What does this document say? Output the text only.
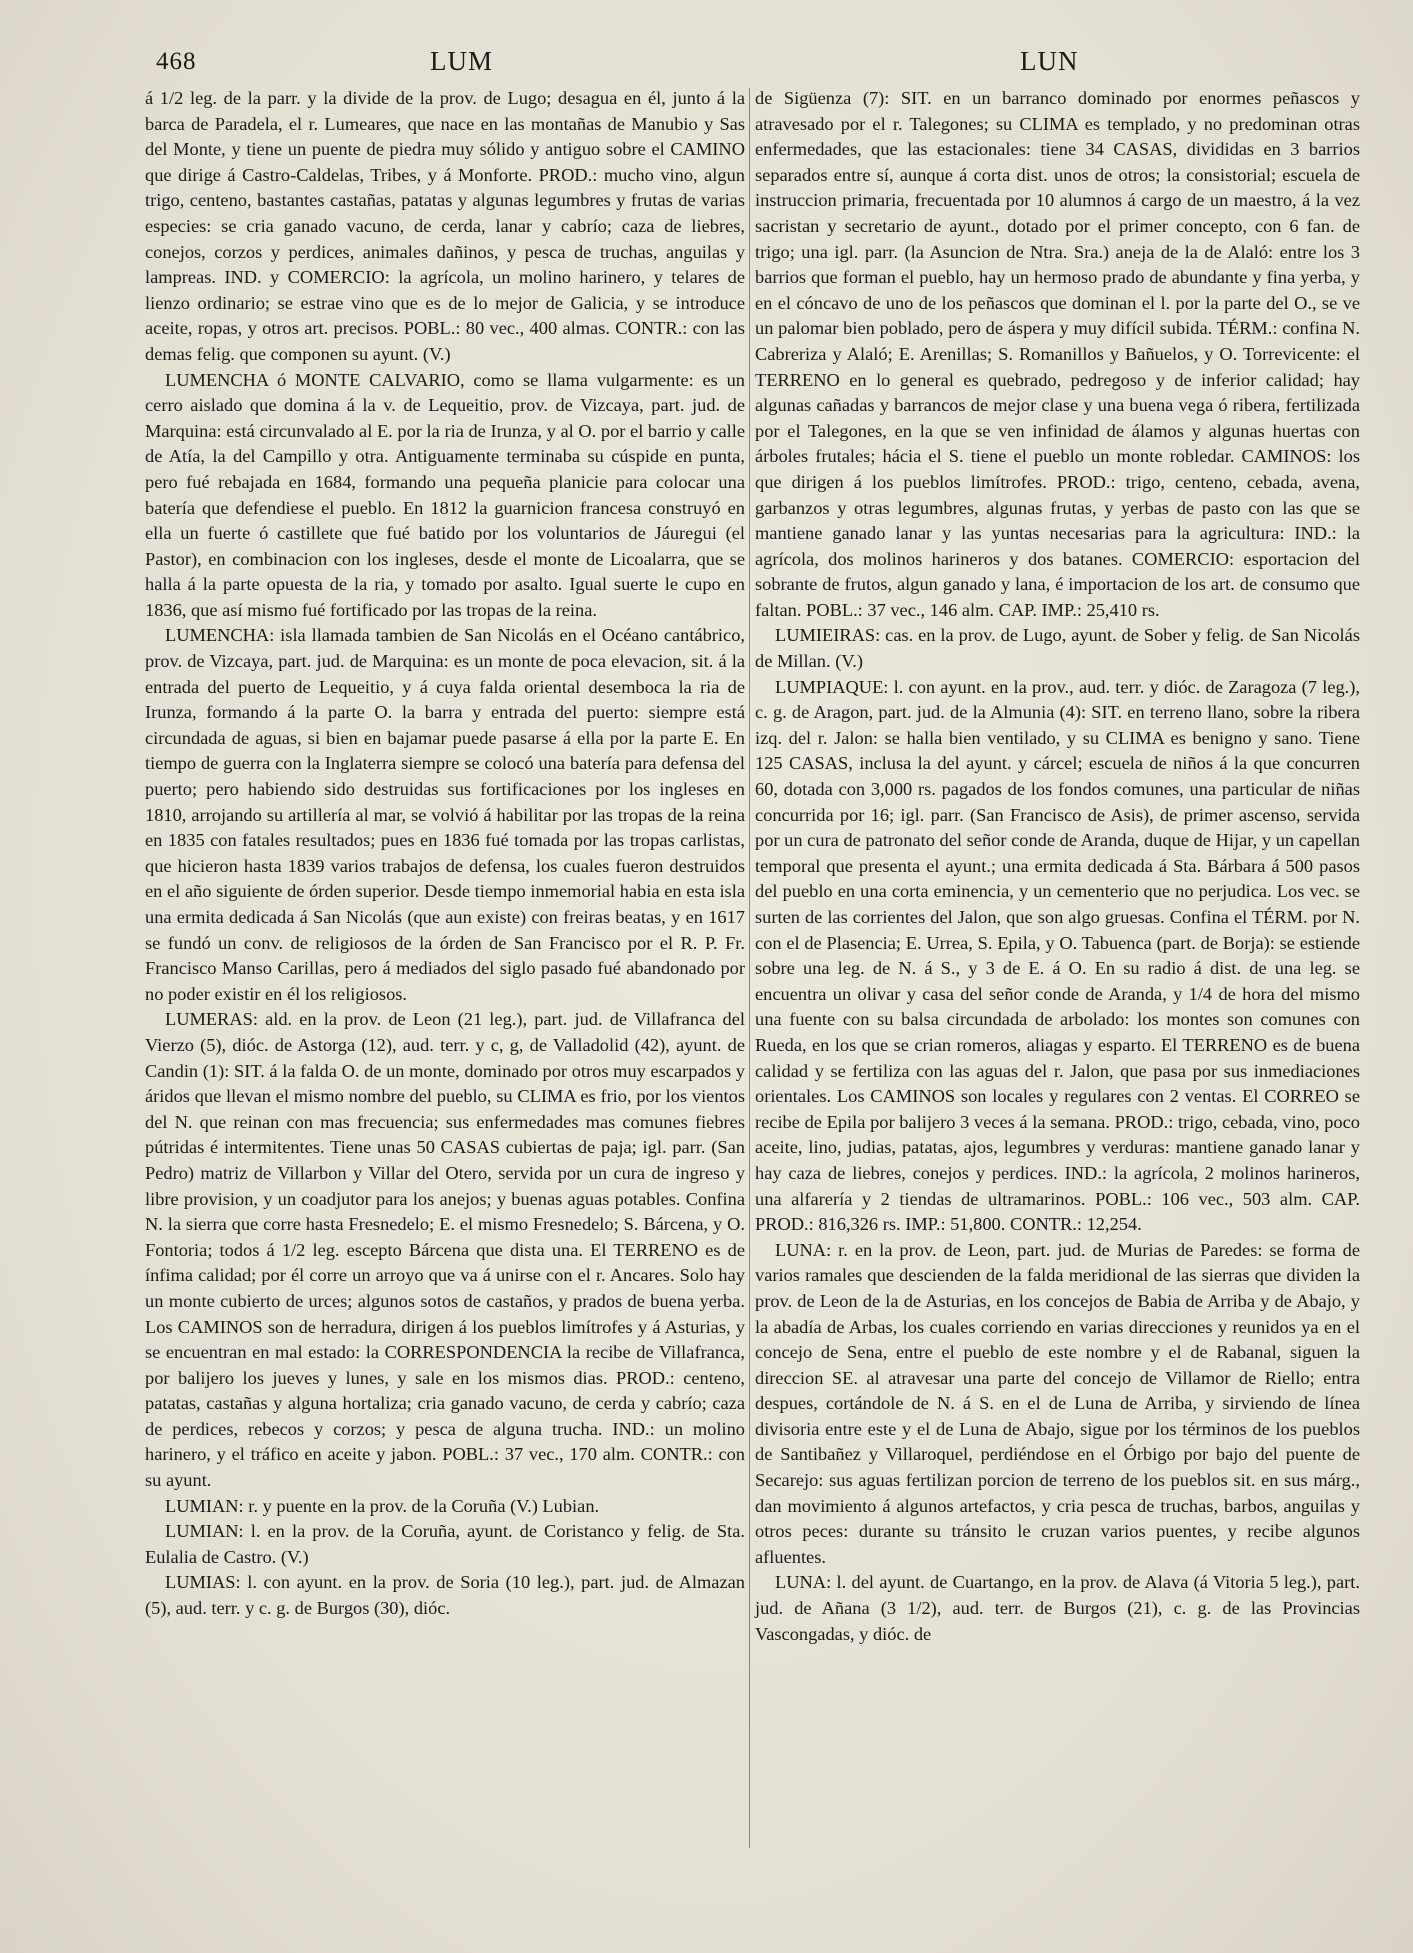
468	LUM	LUN

á 1/2 leg. de la parr. y la divide de la prov. de Lugo; desagua en él, junto á la barca de Paradela, el r. Lumeares, que nace en las montañas de Manubio y Sas del Monte, y tiene un puente de piedra muy sólido y antiguo sobre el CAMINO que dirige á Castro-Caldelas, Tribes, y á Monforte. PROD.: mucho vino, algun trigo, centeno, bastantes castañas, patatas y algunas legumbres y frutas de varias especies: se cria ganado vacuno, de cerda, lanar y cabrío; caza de liebres, conejos, corzos y perdices, animales dañinos, y pesca de truchas, anguilas y lampreas. IND. y COMERCIO: la agrícola, un molino harinero, y telares de lienzo ordinario; se estrae vino que es de lo mejor de Galicia, y se introduce aceite, ropas, y otros art. precisos. POBL.: 80 vec., 400 almas. CONTR.: con las demas felig. que componen su ayunt. (V.)

LUMENCHA ó MONTE CALVARIO, como se llama vulgarmente: es un cerro aislado que domina á la v. de Lequeitio, prov. de Vizcaya, part. jud. de Marquina: está circunvalado al E. por la ria de Irunza, y al O. por el barrio y calle de Atía, la del Campillo y otra. Antiguamente terminaba su cúspide en punta, pero fué rebajada en 1684, formando una pequeña planicie para colocar una batería que defendiese el pueblo. En 1812 la guarnicion francesa construyó en ella un fuerte ó castillete que fué batido por los voluntarios de Jáuregui (el Pastor), en combinacion con los ingleses, desde el monte de Licoalarra, que se halla á la parte opuesta de la ria, y tomado por asalto. Igual suerte le cupo en 1836, que así mismo fué fortificado por las tropas de la reina.

LUMENCHA: isla llamada tambien de San Nicolás en el Océano cantábrico, prov. de Vizcaya, part. jud. de Marquina: es un monte de poca elevacion, sit. á la entrada del puerto de Lequeitio, y á cuya falda oriental desemboca la ria de Irunza, formando á la parte O. la barra y entrada del puerto: siempre está circundada de aguas, si bien en bajamar puede pasarse á ella por la parte E. En tiempo de guerra con la Inglaterra siempre se colocó una batería para defensa del puerto; pero habiendo sido destruidas sus fortificaciones por los ingleses en 1810, arrojando su artillería al mar, se volvió á habilitar por las tropas de la reina en 1835 con fatales resultados; pues en 1836 fué tomada por las tropas carlistas, que hicieron hasta 1839 varios trabajos de defensa, los cuales fueron destruidos en el año siguiente de órden superior. Desde tiempo inmemorial habia en esta isla una ermita dedicada á San Nicolás (que aun existe) con freiras beatas, y en 1617 se fundó un conv. de religiosos de la órden de San Francisco por el R. P. Fr. Francisco Manso Carillas, pero á mediados del siglo pasado fué abandonado por no poder existir en él los religiosos.

LUMERAS: ald. en la prov. de Leon (21 leg.), part. jud. de Villafranca del Vierzo (5), dióc. de Astorga (12), aud. terr. y c, g, de Valladolid (42), ayunt. de Candin (1): SIT. á la falda O. de un monte, dominado por otros muy escarpados y áridos que llevan el mismo nombre del pueblo, su CLIMA es frio, por los vientos del N. que reinan con mas frecuencia; sus enfermedades mas comunes fiebres pútridas é intermitentes. Tiene unas 50 CASAS cubiertas de paja; igl. parr. (San Pedro) matriz de Villarbon y Villar del Otero, servida por un cura de ingreso y libre provision, y un coadjutor para los anejos; y buenas aguas potables. Confina N. la sierra que corre hasta Fresnedelo; E. el mismo Fresnedelo; S. Bárcena, y O. Fontoria; todos á 1/2 leg. escepto Bárcena que dista una. El TERRENO es de ínfima calidad; por él corre un arroyo que va á unirse con el r. Ancares. Solo hay un monte cubierto de urces; algunos sotos de castaños, y prados de buena yerba. Los CAMINOS son de herradura, dirigen á los pueblos limítrofes y á Asturias, y se encuentran en mal estado: la CORRESPONDENCIA la recibe de Villafranca, por balijero los jueves y lunes, y sale en los mismos dias. PROD.: centeno, patatas, castañas y alguna hortaliza; cria ganado vacuno, de cerda y cabrío; caza de perdices, rebecos y corzos; y pesca de alguna trucha. IND.: un molino harinero, y el tráfico en aceite y jabon. POBL.: 37 vec., 170 alm. CONTR.: con su ayunt.

LUMIAN: r. y puente en la prov. de la Coruña (V.) Lubian.

LUMIAN: l. en la prov. de la Coruña, ayunt. de Coristanco y felig. de Sta. Eulalia de Castro. (V.)

LUMIAS: l. con ayunt. en la prov. de Soria (10 leg.), part. jud. de Almazan (5), aud. terr. y c. g. de Burgos (30), dióc.

de Sigüenza (7): SIT. en un barranco dominado por enormes peñascos y atravesado por el r. Talegones; su CLIMA es templado, y no predominan otras enfermedades, que las estacionales: tiene 34 CASAS, divididas en 3 barrios separados entre sí, aunque á corta dist. unos de otros; la consistorial; escuela de instruccion primaria, frecuentada por 10 alumnos á cargo de un maestro, á la vez sacristan y secretario de ayunt., dotado por el primer concepto, con 6 fan. de trigo; una igl. parr. (la Asuncion de Ntra. Sra.) aneja de la de Alaló: entre los 3 barrios que forman el pueblo, hay un hermoso prado de abundante y fina yerba, y en el cóncavo de uno de los peñascos que dominan el l. por la parte del O., se ve un palomar bien poblado, pero de áspera y muy difícil subida. TÉRM.: confina N. Cabreriza y Alaló; E. Arenillas; S. Romanillos y Bañuelos, y O. Torrevicente: el TERRENO en lo general es quebrado, pedregoso y de inferior calidad; hay algunas cañadas y barrancos de mejor clase y una buena vega ó ribera, fertilizada por el Talegones, en la que se ven infinidad de álamos y algunas huertas con árboles frutales; hácia el S. tiene el pueblo un monte robledar. CAMINOS: los que dirigen á los pueblos limítrofes. PROD.: trigo, centeno, cebada, avena, garbanzos y otras legumbres, algunas frutas, y yerbas de pasto con las que se mantiene ganado lanar y las yuntas necesarias para la agricultura: IND.: la agrícola, dos molinos harineros y dos batanes. COMERCIO: esportacion del sobrante de frutos, algun ganado y lana, é importacion de los art. de consumo que faltan. POBL.: 37 vec., 146 alm. CAP. IMP.: 25,410 rs.

LUMIEIRAS: cas. en la prov. de Lugo, ayunt. de Sober y felig. de San Nicolás de Millan. (V.)

LUMPIAQUE: l. con ayunt. en la prov., aud. terr. y dióc. de Zaragoza (7 leg.), c. g. de Aragon, part. jud. de la Almunia (4): SIT. en terreno llano, sobre la ribera izq. del r. Jalon: se halla bien ventilado, y su CLIMA es benigno y sano. Tiene 125 CASAS, inclusa la del ayunt. y cárcel; escuela de niños á la que concurren 60, dotada con 3,000 rs. pagados de los fondos comunes, una particular de niñas concurrida por 16; igl. parr. (San Francisco de Asis), de primer ascenso, servida por un cura de patronato del señor conde de Aranda, duque de Hijar, y un capellan temporal que presenta el ayunt.; una ermita dedicada á Sta. Bárbara á 500 pasos del pueblo en una corta eminencia, y un cementerio que no perjudica. Los vec. se surten de las corrientes del Jalon, que son algo gruesas. Confina el TÉRM. por N. con el de Plasencia; E. Urrea, S. Epila, y O. Tabuenca (part. de Borja): se estiende sobre una leg. de N. á S., y 3 de E. á O. En su radio á dist. de una leg. se encuentra un olivar y casa del señor conde de Aranda, y 1/4 de hora del mismo una fuente con su balsa circundada de arbolado: los montes son comunes con Rueda, en los que se crian romeros, aliagas y esparto. El TERRENO es de buena calidad y se fertiliza con las aguas del r. Jalon, que pasa por sus inmediaciones orientales. Los CAMINOS son locales y regulares con 2 ventas. El CORREO se recibe de Epila por balijero 3 veces á la semana. PROD.: trigo, cebada, vino, poco aceite, lino, judias, patatas, ajos, legumbres y verduras: mantiene ganado lanar y hay caza de liebres, conejos y perdices. IND.: la agrícola, 2 molinos harineros, una alfarería y 2 tiendas de ultramarinos. POBL.: 106 vec., 503 alm. CAP. PROD.: 816,326 rs. IMP.: 51,800. CONTR.: 12,254.

LUNA: r. en la prov. de Leon, part. jud. de Murias de Paredes: se forma de varios ramales que descienden de la falda meridional de las sierras que dividen la prov. de Leon de la de Asturias, en los concejos de Babia de Arriba y de Abajo, y la abadía de Arbas, los cuales corriendo en varias direcciones y reunidos ya en el concejo de Sena, entre el pueblo de este nombre y el de Rabanal, siguen la direccion SE. al atravesar una parte del concejo de Villamor de Riello; entra despues, cortándole de N. á S. en el de Luna de Arriba, y sirviendo de línea divisoria entre este y el de Luna de Abajo, sigue por los términos de los pueblos de Santibañez y Villaroquel, perdiéndose en el Órbigo por bajo del puente de Secarejo: sus aguas fertilizan porcion de terreno de los pueblos sit. en sus márg., dan movimiento á algunos artefactos, y cria pesca de truchas, barbos, anguilas y otros peces: durante su tránsito le cruzan varios puentes, y recibe algunos afluentes.

LUNA: l. del ayunt. de Cuartango, en la prov. de Alava (á Vitoria 5 leg.), part. jud. de Añana (3 1/2), aud. terr. de Burgos (21), c. g. de las Provincias Vascongadas, y dióc. de
